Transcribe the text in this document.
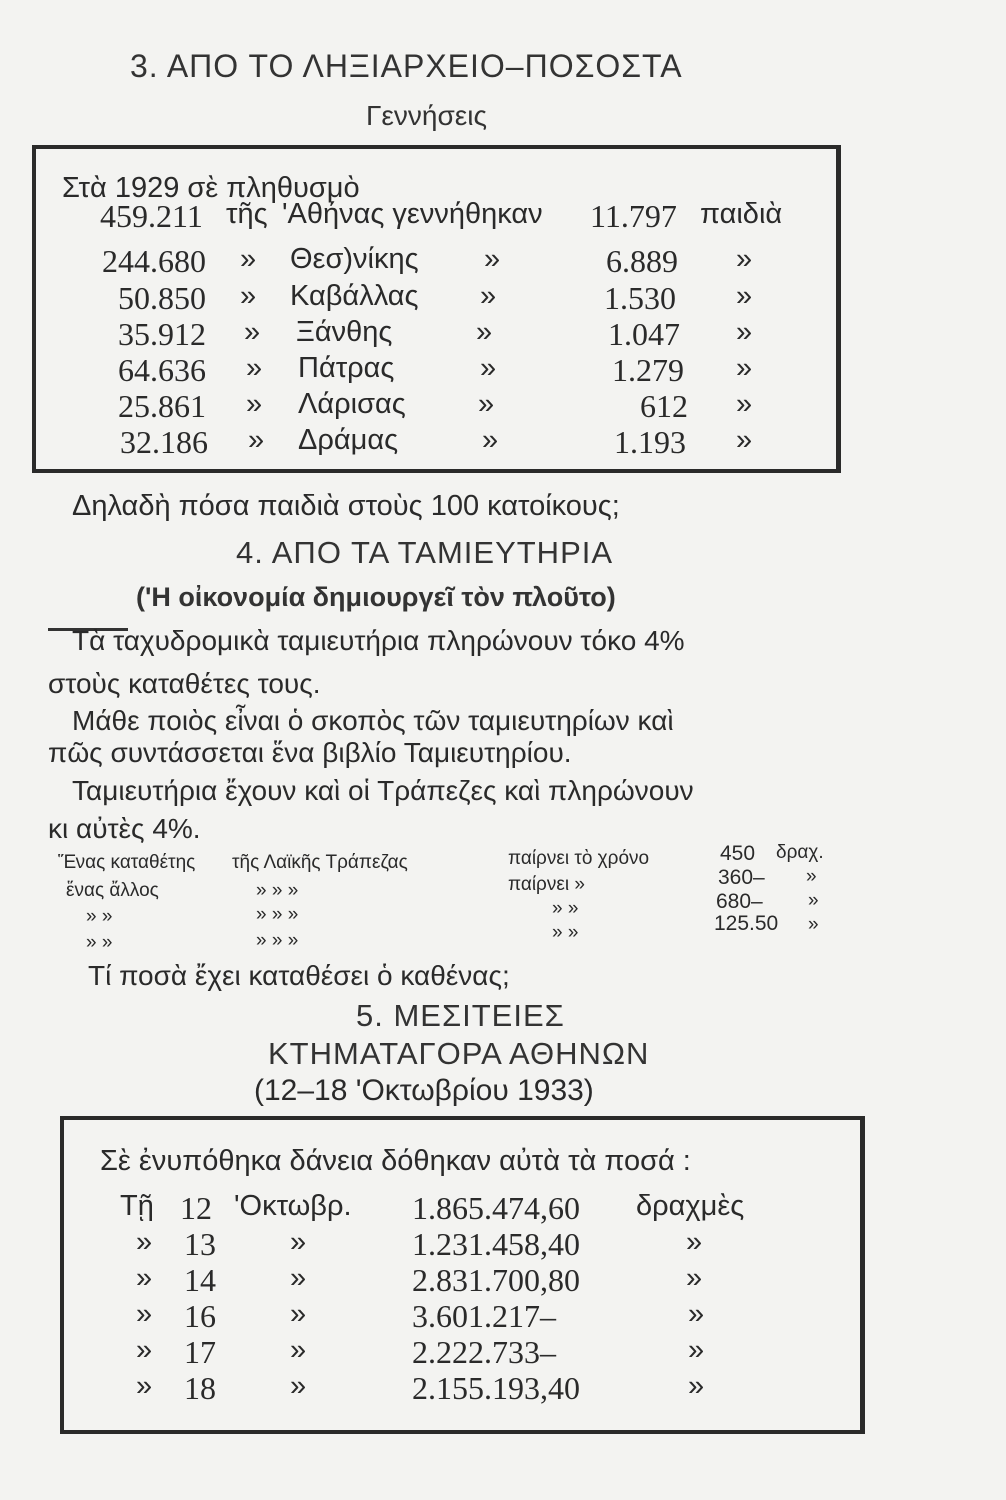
3. ΑΠΟ ΤΟ ΛΗΞΙΑΡΧΕΙΟ–ΠΟΣΟΣΤΑ
Γεννήσεις
Στὰ 1929 σὲ πληθυσμὸ
459.211 τῆς 'Αθήνας γεννήθηκαν 11.797 παιδιὰ
244.680 » Θεσ)νίκης »	6.889 »
50.850 » Καβάλλας »	1.530 »
35.912 » Ξάνθης	»	1.047 »
64.636 » Πάτρας	»	1.279 »
25.861 » Λάρισας »	612 »
32.186 » Δράμας	»	1.193 »
Δηλαδὴ πόσα παιδιὰ στοὺς 100 κατοίκους;
4. ΑΠΟ ΤΑ ΤΑΜΙΕΥΤΗΡΙΑ
('Η οἰκονομία δημιουργεῖ τὸν πλοῦτο)
Τὰ ταχυδρομικὰ ταμιευτήρια πληρώνουν τόκο 4%
στοὺς καταθέτες τους.
Μάθε ποιὸς εἶναι ὁ σκοπὸς τῶν ταμιευτηρίων καὶ
πῶς συντάσσεται ἕνα βιβλίο Ταμιευτηρίου.
Ταμιευτήρια ἔχουν καὶ οἱ Τράπεζες καὶ πληρώνουν
κι αὐτὲς 4%.
Ἕνας καταθέτης τῆς Λαϊκῆς Τράπεζας	παίρνει τὸ χρόνο	450 δραχ.
ἕνας ἄλλος	» » »	παίρνει »	360– »
» »	» » »	» »	680– »
» »	» » »	» »	125.50 »
Τί ποσὰ ἔχει καταθέσει ὁ καθένας;
5. ΜΕΣΙΤΕΙΕΣ
ΚΤΗΜΑΤΑΓΟΡΑ ΑΘΗΝΩΝ
(12–18 'Οκτωβρίου 1933)
Σὲ ἐνυπόθηκα δάνεια δόθηκαν αὐτὰ τὰ ποσά :
Τῇ 12 'Οκτωβρ. 1.865.474,60 δραχμὲς
» 13	»	1.231.458,40	»
» 14	»	2.831.700,80	»
» 16	»	3.601.217–	»
» 17	»	2.222.733–	»
» 18	»	2.155.193,40	»
